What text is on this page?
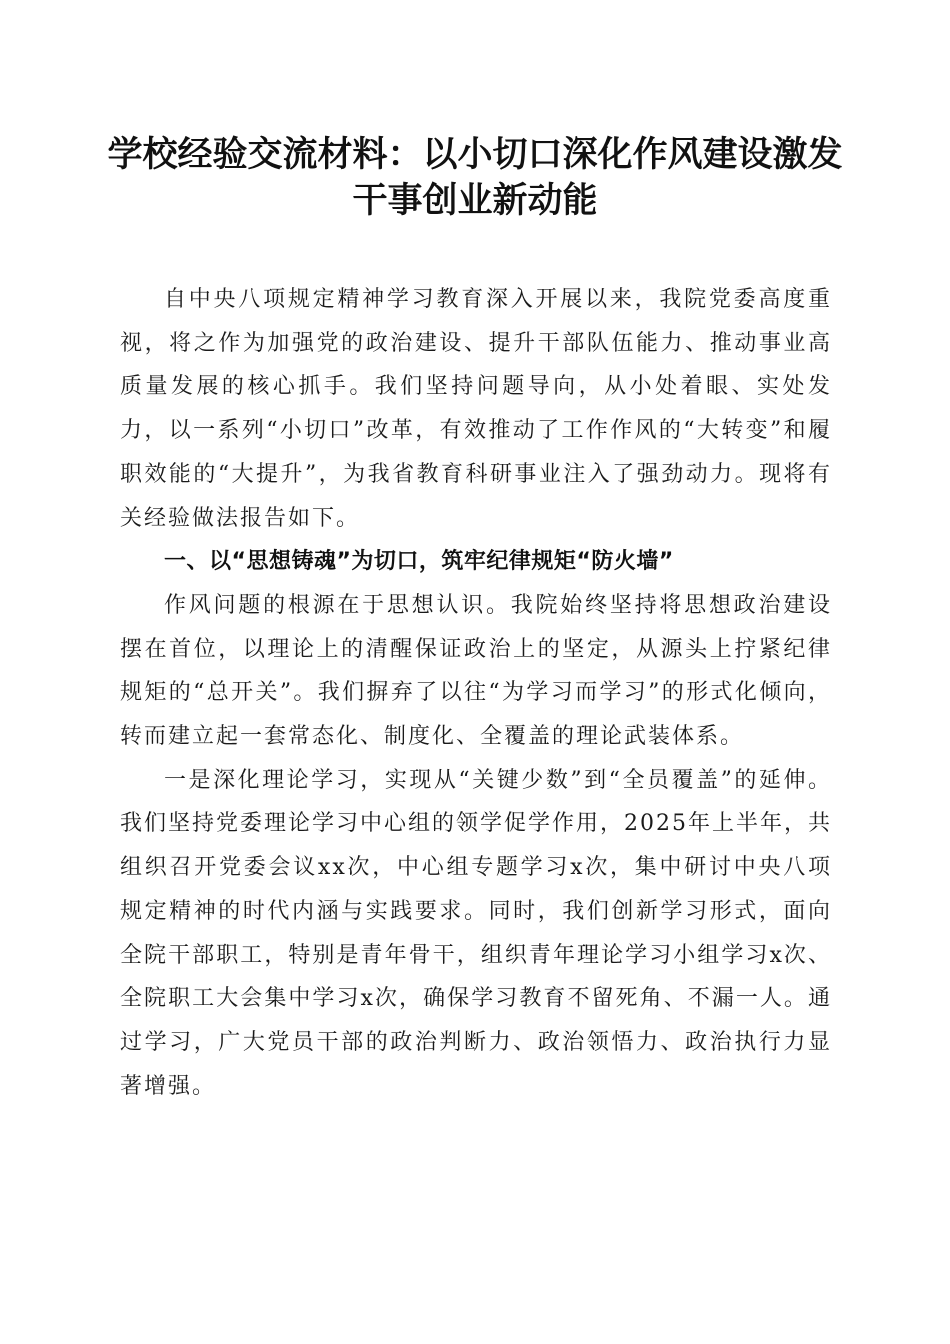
学校经验交流材料：以小切口深化作风建设激发干事创业新动能

自中央八项规定精神学习教育深入开展以来，我院党委高度重视，将之作为加强党的政治建设、提升干部队伍能力、推动事业高质量发展的核心抓手。我们坚持问题导向，从小处着眼、实处发力，以一系列“小切口”改革，有效推动了工作作风的“大转变”和履职效能的“大提升”，为我省教育科研事业注入了强劲动力。现将有关经验做法报告如下。

一、以“思想铸魂”为切口，筑牢纪律规矩“防火墙”

作风问题的根源在于思想认识。我院始终坚持将思想政治建设摆在首位，以理论上的清醒保证政治上的坚定，从源头上拧紧纪律规矩的“总开关”。我们摒弃了以往“为学习而学习”的形式化倾向，转而建立起一套常态化、制度化、全覆盖的理论武装体系。

一是深化理论学习，实现从“关键少数”到“全员覆盖”的延伸。我们坚持党委理论学习中心组的领学促学作用，2025年上半年，共组织召开党委会议xx次，中心组专题学习x次，集中研讨中央八项规定精神的时代内涵与实践要求。同时，我们创新学习形式，面向全院干部职工，特别是青年骨干，组织青年理论学习小组学习x次、全院职工大会集中学习x次，确保学习教育不留死角、不漏一人。通过学习，广大党员干部的政治判断力、政治领悟力、政治执行力显著增强。
